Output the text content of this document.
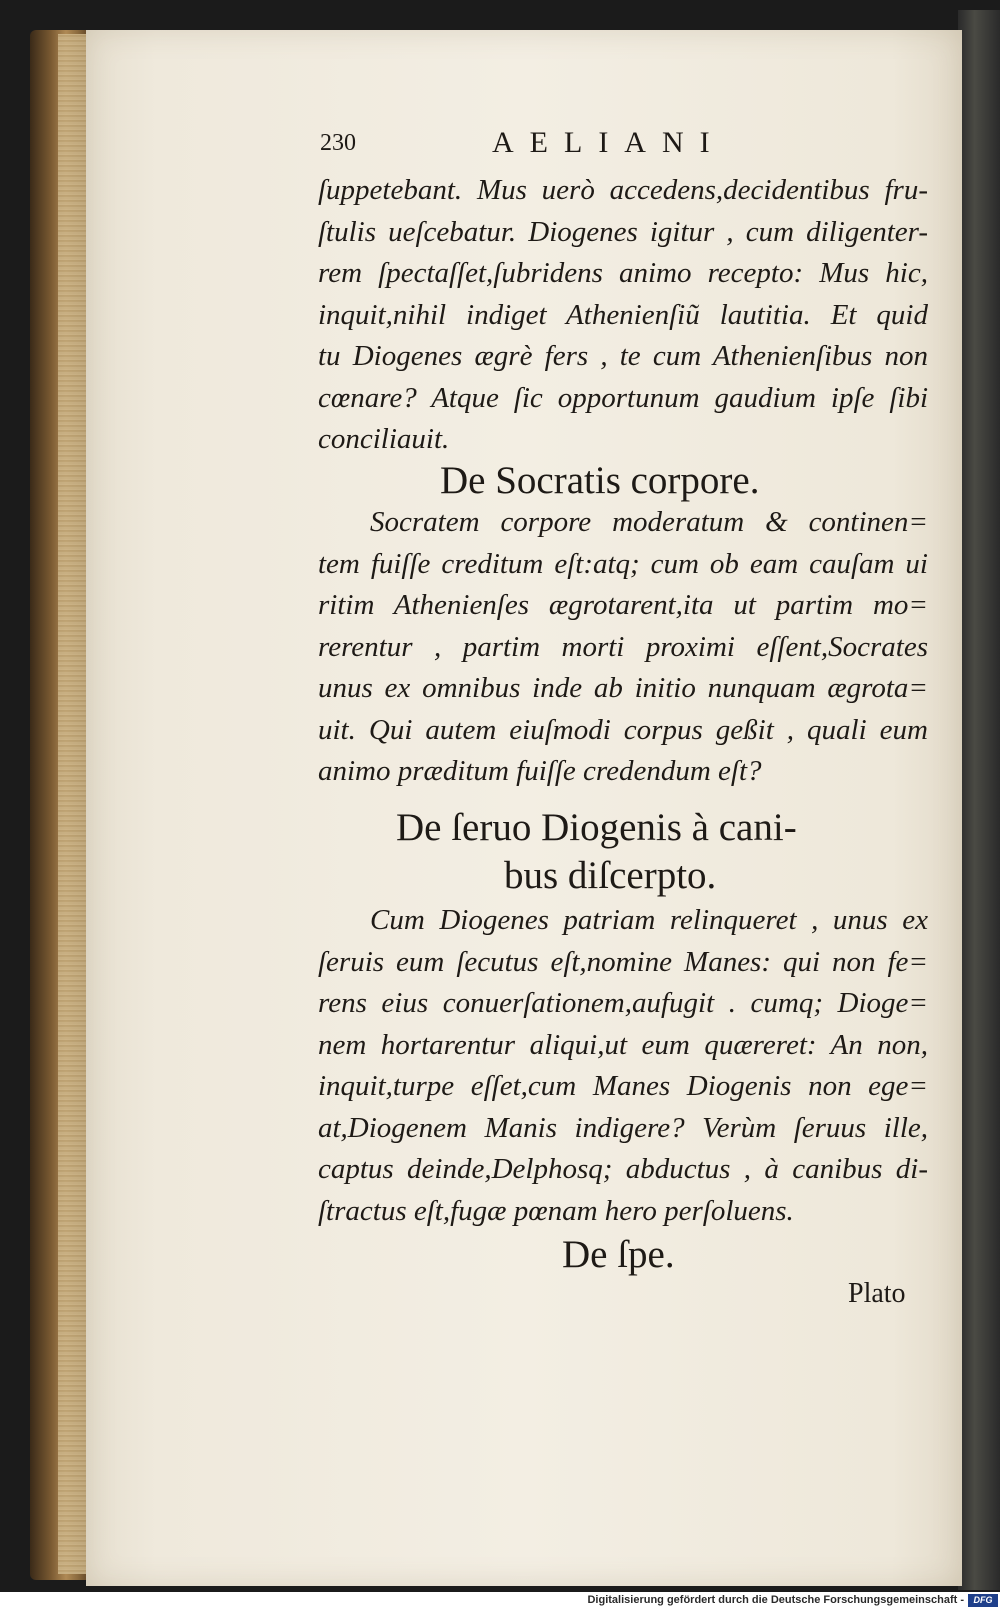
230	AELIANI
ſuppetebant. Mus uerò accedens,decidentibus fru-
ſtulis ueſcebatur. Diogenes igitur , cum diligenter-
rem ſpectaſſet,ſubridens animo recepto: Mus hic,
inquit,nihil indiget Athenienſiũ lautitia. Et quid
tu Diogenes ægrè fers , te cum Athenienſibus non
cœnare? Atque ſic opportunum gaudium ipſe ſibi
conciliauit.
De Socratis corpore.
Socratem corpore moderatum & continen=
tem fuiſſe creditum eſt:atq; cum ob eam cauſam ui
ritim Athenienſes ægrotarent,ita ut partim mo=
rerentur , partim morti proximi eſſent,Socrates
unus ex omnibus inde ab initio nunquam ægrota=
uit. Qui autem eiuſmodi corpus geßit , quali eum
animo præditum fuiſſe credendum eſt?
De ſeruo Diogenis à cani-
bus diſcerpto.
Cum Diogenes patriam relinqueret , unus ex
ſeruis eum ſecutus eſt,nomine Manes: qui non fe=
rens eius conuerſationem,aufugit . cumq; Dioge=
nem hortarentur aliqui,ut eum quæreret: An non,
inquit,turpe eſſet,cum Manes Diogenis non ege=
at,Diogenem Manis indigere? Verùm ſeruus ille,
captus deinde,Delphosq; abductus , à canibus di-
ſtractus eſt,fugæ pœnam hero perſoluens.
De ſpe.
Plato
Digitalisierung gefördert durch die Deutsche Forschungsgemeinschaft -	DFG
